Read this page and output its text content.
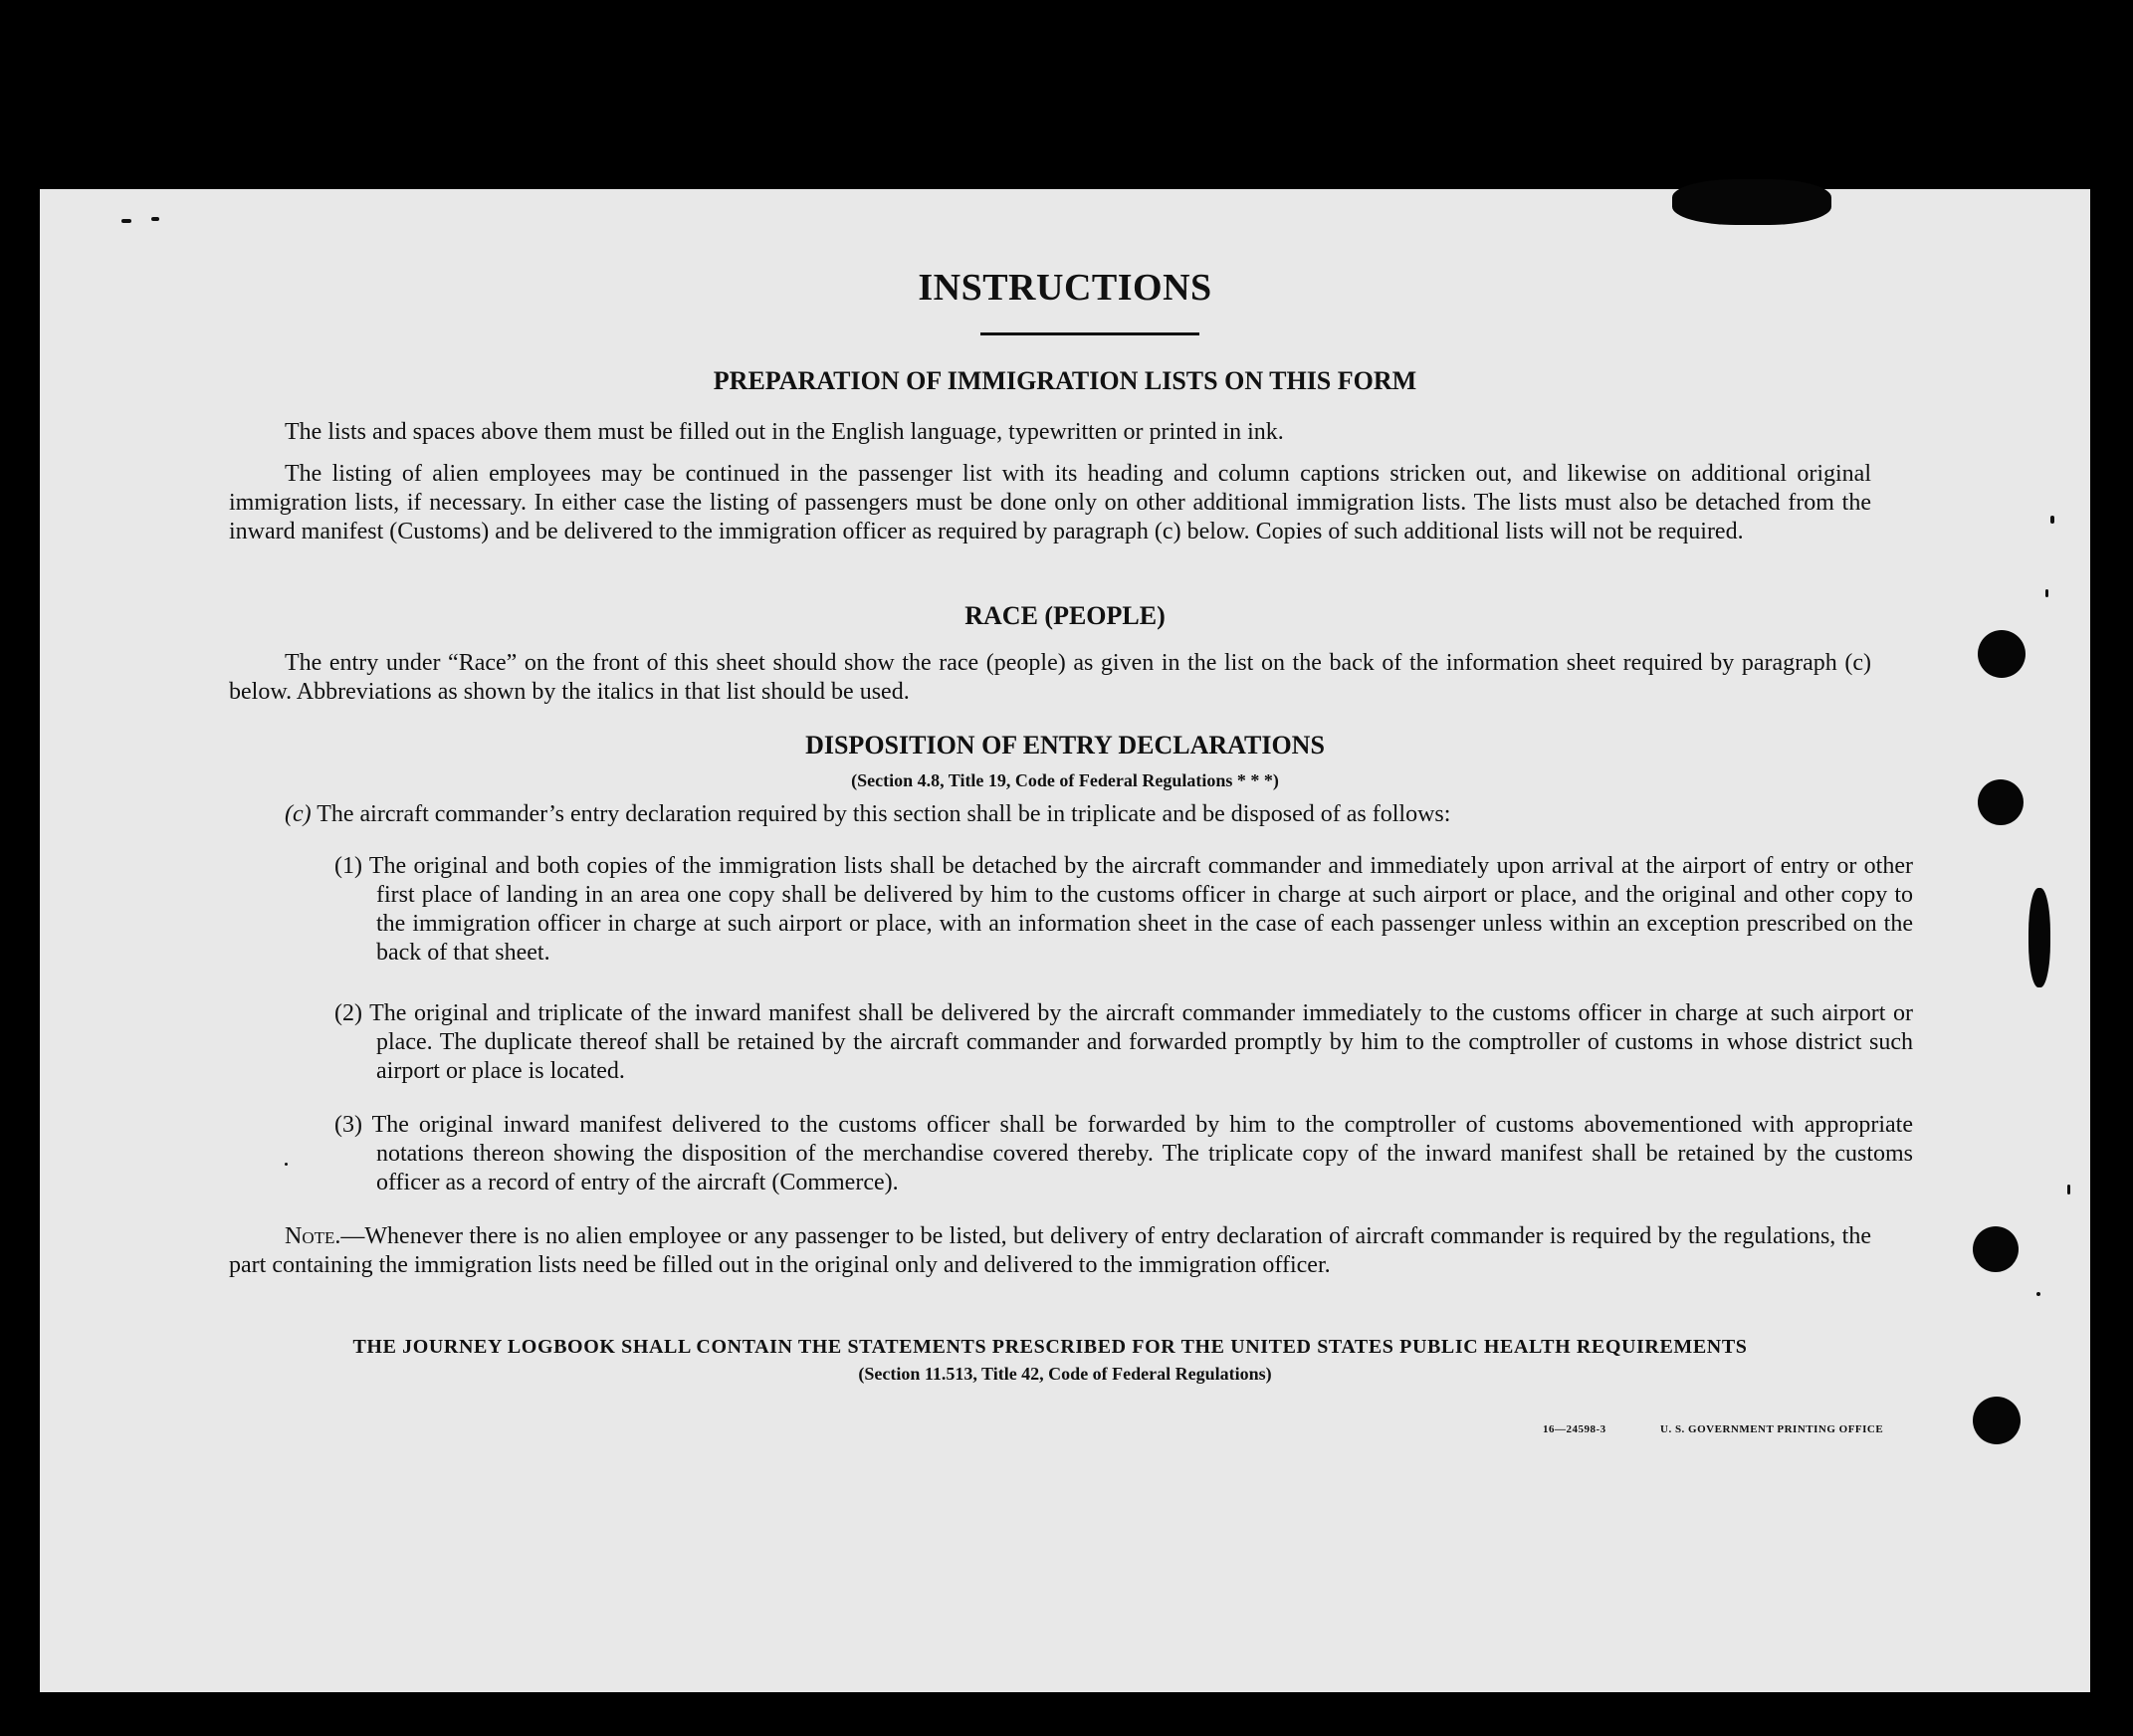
INSTRUCTIONS
PREPARATION OF IMMIGRATION LISTS ON THIS FORM
The lists and spaces above them must be filled out in the English language, typewritten or printed in ink.
The listing of alien employees may be continued in the passenger list with its heading and column captions stricken out, and likewise on additional original immigration lists, if necessary. In either case the listing of passengers must be done only on other additional immigration lists. The lists must also be detached from the inward manifest (Customs) and be delivered to the immigration officer as required by paragraph (c) below. Copies of such additional lists will not be required.
RACE (PEOPLE)
The entry under “Race” on the front of this sheet should show the race (people) as given in the list on the back of the information sheet required by paragraph (c) below. Abbreviations as shown by the italics in that list should be used.
DISPOSITION OF ENTRY DECLARATIONS
(Section 4.8, Title 19, Code of Federal Regulations * * *)
(c) The aircraft commander’s entry declaration required by this section shall be in triplicate and be disposed of as follows:
(1) The original and both copies of the immigration lists shall be detached by the aircraft commander and immediately upon arrival at the airport of entry or other first place of landing in an area one copy shall be delivered by him to the customs officer in charge at such airport or place, and the original and other copy to the immigration officer in charge at such airport or place, with an information sheet in the case of each passenger unless within an exception prescribed on the back of that sheet.
(2) The original and triplicate of the inward manifest shall be delivered by the aircraft commander immediately to the customs officer in charge at such airport or place. The duplicate thereof shall be retained by the aircraft commander and forwarded promptly by him to the comptroller of customs in whose district such airport or place is located.
(3) The original inward manifest delivered to the customs officer shall be forwarded by him to the comptroller of customs abovementioned with appropriate notations thereon showing the disposition of the merchandise covered thereby. The triplicate copy of the inward manifest shall be retained by the customs officer as a record of entry of the aircraft (Commerce).
Note.—Whenever there is no alien employee or any passenger to be listed, but delivery of entry declaration of aircraft commander is required by the regulations, the part containing the immigration lists need be filled out in the original only and delivered to the immigration officer.
THE JOURNEY LOGBOOK SHALL CONTAIN THE STATEMENTS PRESCRIBED FOR THE UNITED STATES PUBLIC HEALTH REQUIREMENTS
(Section 11.513, Title 42, Code of Federal Regulations)
16—24598-3	U. S. GOVERNMENT PRINTING OFFICE
